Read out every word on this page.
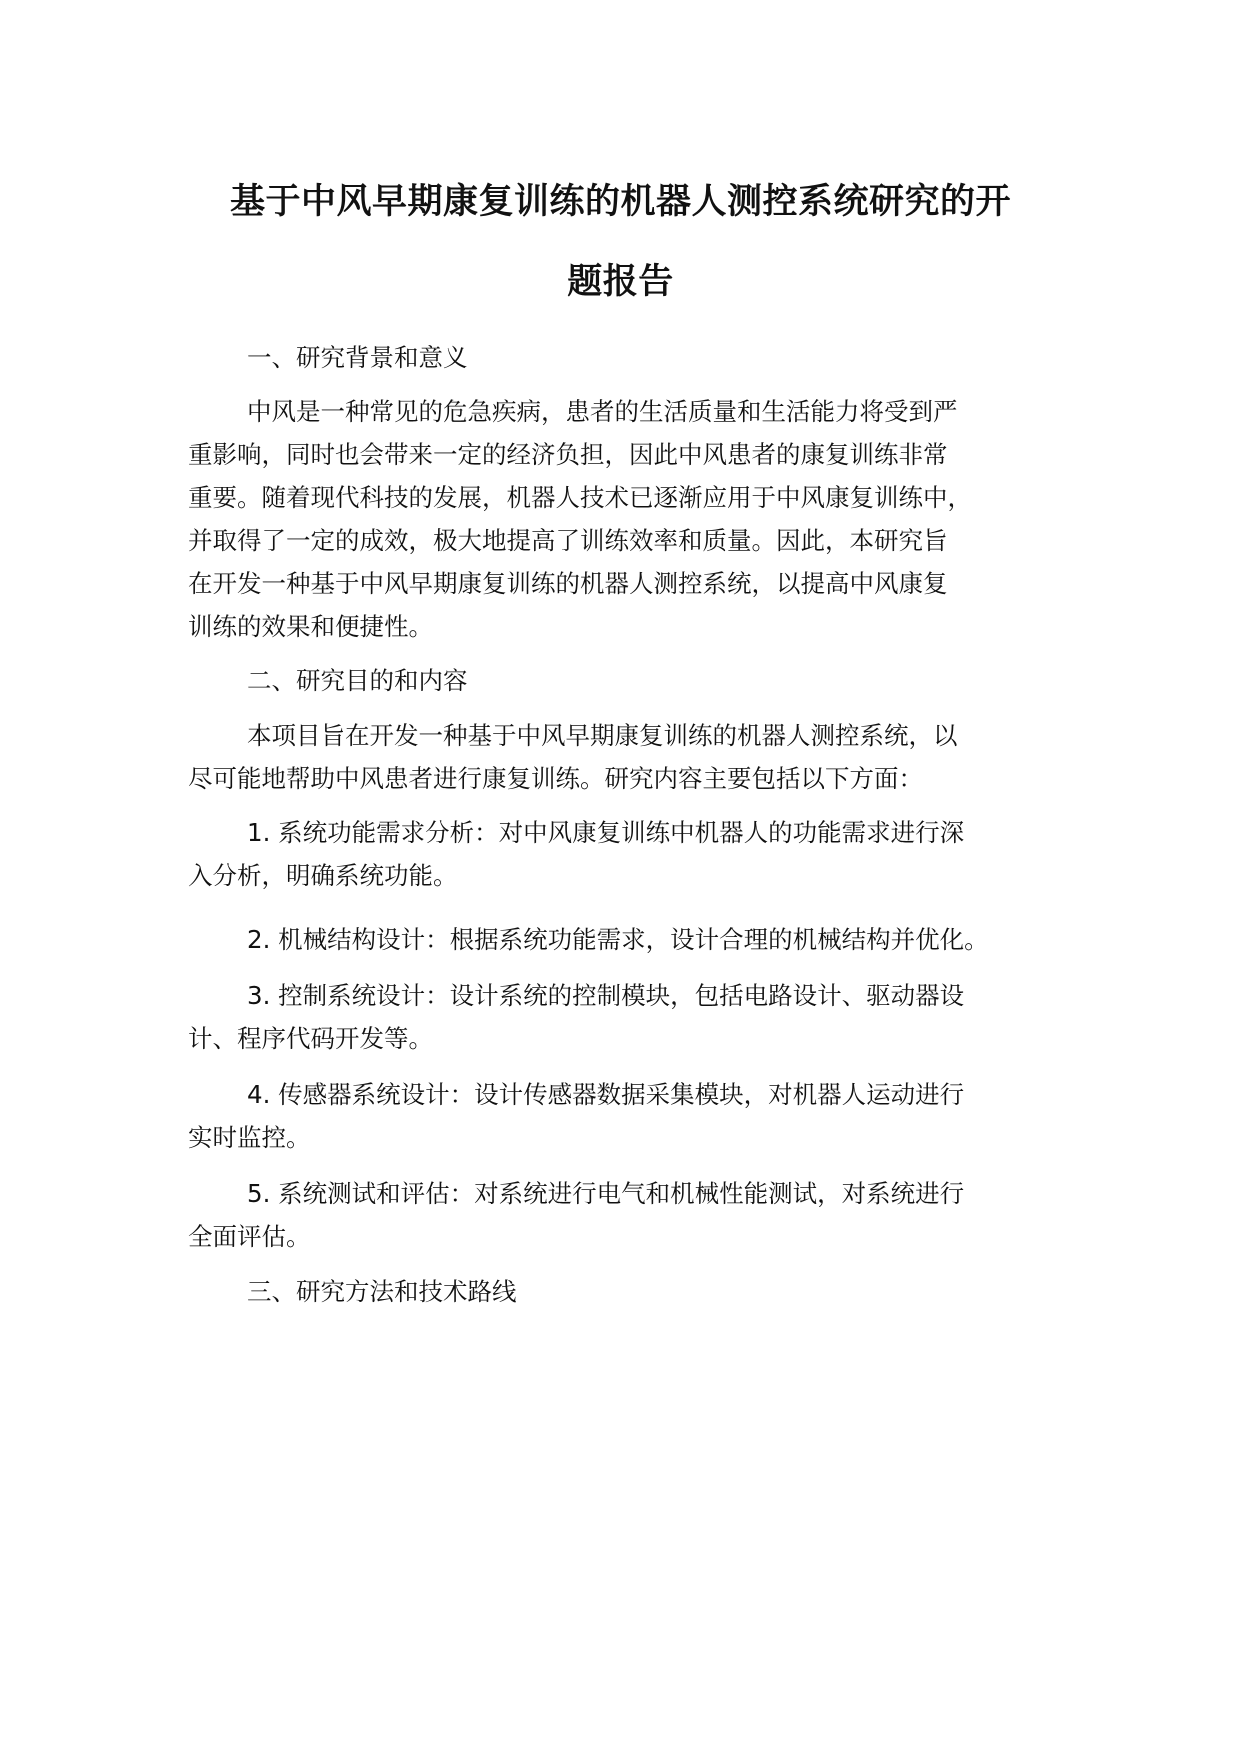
基于中风早期康复训练的机器人测控系统研究的开
题报告
一、研究背景和意义
中风是一种常见的危急疾病，患者的生活质量和生活能力将受到严
重影响，同时也会带来一定的经济负担，因此中风患者的康复训练非常
重要。随着现代科技的发展，机器人技术已逐渐应用于中风康复训练中，
并取得了一定的成效，极大地提高了训练效率和质量。因此，本研究旨
在开发一种基于中风早期康复训练的机器人测控系统，以提高中风康复
训练的效果和便捷性。
二、研究目的和内容
本项目旨在开发一种基于中风早期康复训练的机器人测控系统，以
尽可能地帮助中风患者进行康复训练。研究内容主要包括以下方面：
1. 系统功能需求分析：对中风康复训练中机器人的功能需求进行深
入分析，明确系统功能。
2. 机械结构设计：根据系统功能需求，设计合理的机械结构并优化。
3. 控制系统设计：设计系统的控制模块，包括电路设计、驱动器设
计、程序代码开发等。
4. 传感器系统设计：设计传感器数据采集模块，对机器人运动进行
实时监控。
5. 系统测试和评估：对系统进行电气和机械性能测试，对系统进行
全面评估。
三、研究方法和技术路线
